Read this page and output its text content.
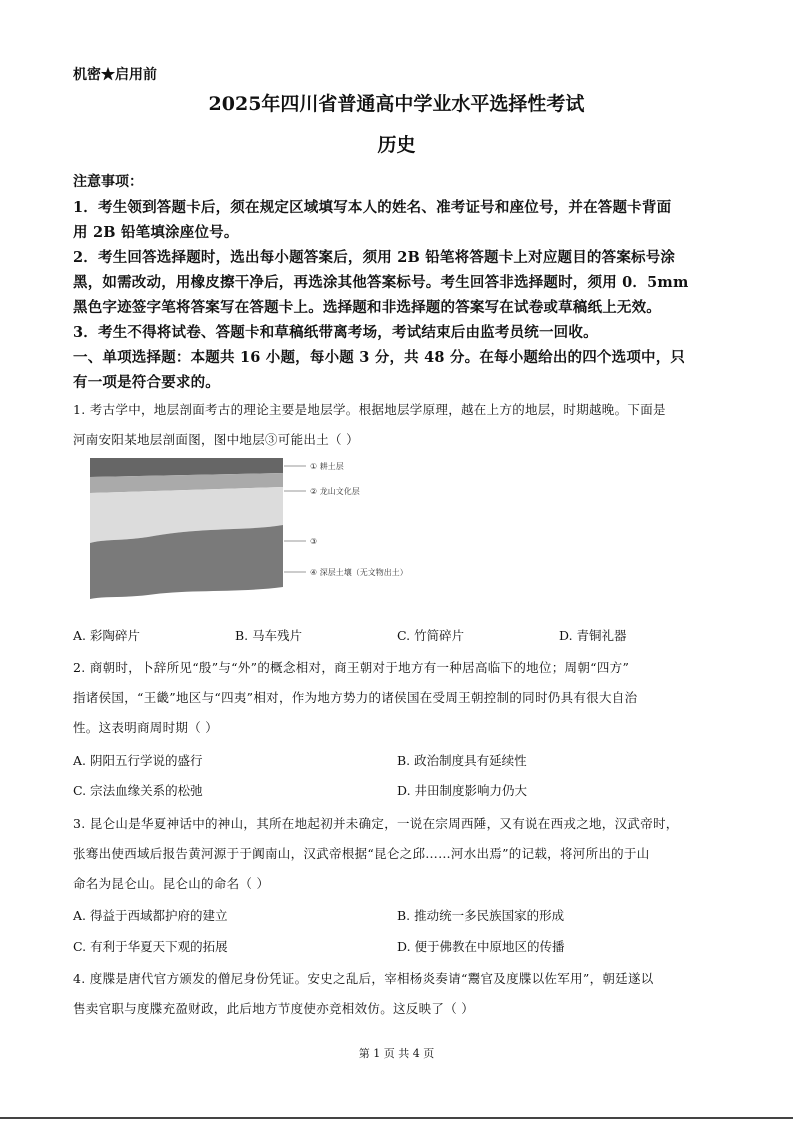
机密★启用前
2025年四川省普通高中学业水平选择性考试
历史
注意事项：
1．考生领到答题卡后，须在规定区域填写本人的姓名、准考证号和座位号，并在答题卡背面
用 2B 铅笔填涂座位号。
2．考生回答选择题时，选出每小题答案后，须用 2B 铅笔将答题卡上对应题目的答案标号涂
黑，如需改动，用橡皮擦干净后，再选涂其他答案标号。考生回答非选择题时，须用 0．5mm
黑色字迹签字笔将答案写在答题卡上。选择题和非选择题的答案写在试卷或草稿纸上无效。
3．考生不得将试卷、答题卡和草稿纸带离考场，考试结束后由监考员统一回收。
一、单项选择题：本题共 16 小题，每小题 3 分，共 48 分。在每小题给出的四个选项中，只
有一项是符合要求的。
1. 考古学中，地层剖面考古的理论主要是地层学。根据地层学原理，越在上方的地层，时期越晚。下面是
河南安阳某地层剖面图，图中地层③可能出土（ ）
① 耕土层
② 龙山文化层
③
④ 深层土壤（无文物出土）
A. 彩陶碎片	B. 马车残片	C. 竹简碎片	D. 青铜礼器
2. 商朝时，卜辞所见“殷”与“外”的概念相对，商王朝对于地方有一种居高临下的地位；周朝“四方”
指诸侯国，“王畿”地区与“四夷”相对，作为地方势力的诸侯国在受周王朝控制的同时仍具有很大自治
性。这表明商周时期（ ）
A. 阴阳五行学说的盛行	B. 政治制度具有延续性
C. 宗法血缘关系的松弛	D. 井田制度影响力仍大
3. 昆仑山是华夏神话中的神山，其所在地起初并未确定，一说在宗周西陲，又有说在西戎之地，汉武帝时，
张骞出使西域后报告黄河源于于阗南山，汉武帝根据“昆仑之邱……河水出焉”的记载，将河所出的于山
命名为昆仑山。昆仑山的命名（ ）
A. 得益于西域都护府的建立	B. 推动统一多民族国家的形成
C. 有利于华夏天下观的拓展	D. 便于佛教在中原地区的传播
4. 度牒是唐代官方颁发的僧尼身份凭证。安史之乱后，宰相杨炎奏请“鬻官及度牒以佐军用”，朝廷遂以
售卖官职与度牒充盈财政，此后地方节度使亦竞相效仿。这反映了（ ）
第 1 页 共 4 页
